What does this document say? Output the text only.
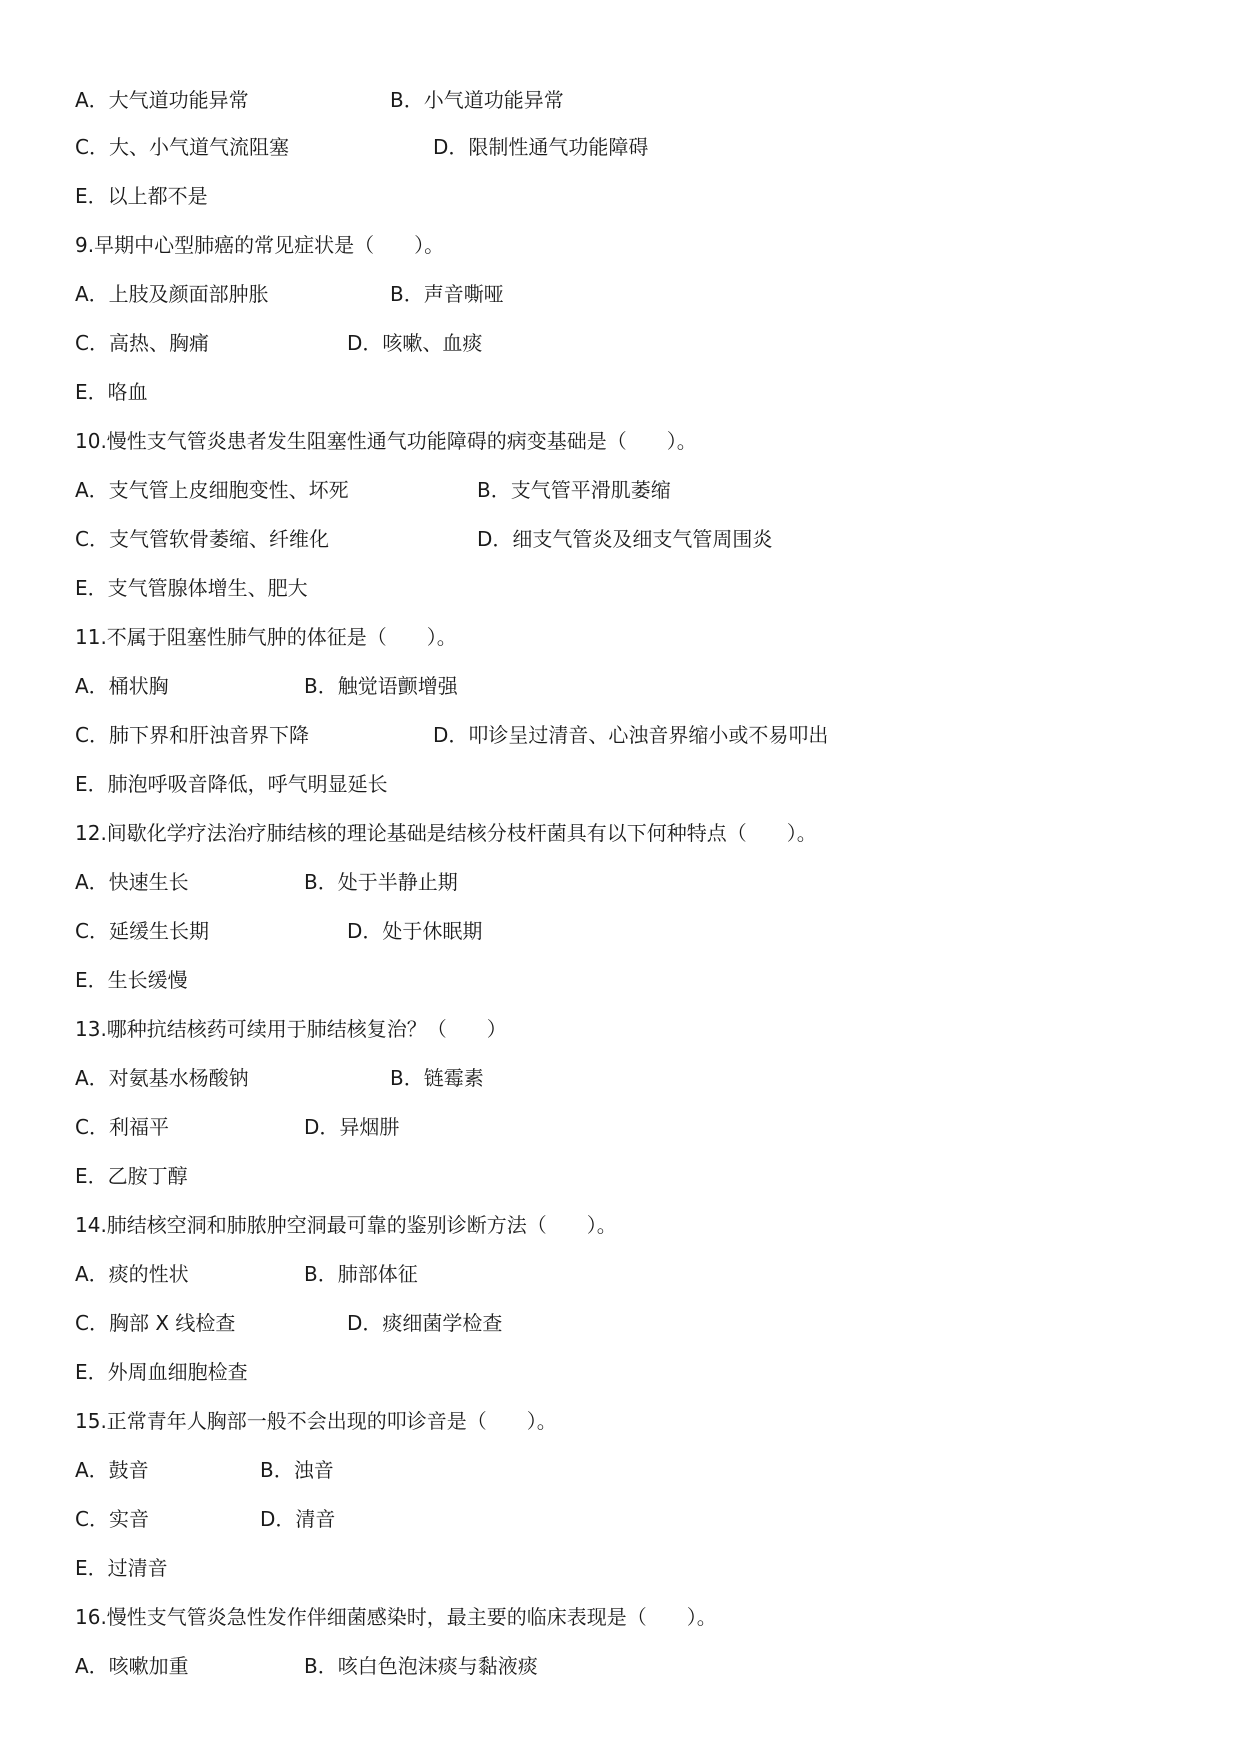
A．大气道功能异常	B．小气道功能异常
C．大、小气道气流阻塞	D．限制性通气功能障碍
E．以上都不是
9.早期中心型肺癌的常见症状是（　　）。
A．上肢及颜面部肿胀	B．声音嘶哑
C．高热、胸痛	D．咳嗽、血痰
E．咯血
10.慢性支气管炎患者发生阻塞性通气功能障碍的病变基础是（　　）。
A．支气管上皮细胞变性、坏死	B．支气管平滑肌萎缩
C．支气管软骨萎缩、纤维化	D．细支气管炎及细支气管周围炎
E．支气管腺体增生、肥大
11.不属于阻塞性肺气肿的体征是（　　）。
A．桶状胸	B．触觉语颤增强
C．肺下界和肝浊音界下降	D．叩诊呈过清音、心浊音界缩小或不易叩出
E．肺泡呼吸音降低，呼气明显延长
12.间歇化学疗法治疗肺结核的理论基础是结核分枝杆菌具有以下何种特点（　　）。
A．快速生长	B．处于半静止期
C．延缓生长期	D．处于休眠期
E．生长缓慢
13.哪种抗结核药可续用于肺结核复治？（　　）
A．对氨基水杨酸钠	B．链霉素
C．利福平	D．异烟肼
E．乙胺丁醇
14.肺结核空洞和肺脓肿空洞最可靠的鉴别诊断方法（　　）。
A．痰的性状	B．肺部体征
C．胸部 X 线检查	D．痰细菌学检查
E．外周血细胞检查
15.正常青年人胸部一般不会出现的叩诊音是（　　）。
A．鼓音	B．浊音
C．实音	D．清音
E．过清音
16.慢性支气管炎急性发作伴细菌感染时，最主要的临床表现是（　　）。
A．咳嗽加重	B．咳白色泡沫痰与黏液痰
